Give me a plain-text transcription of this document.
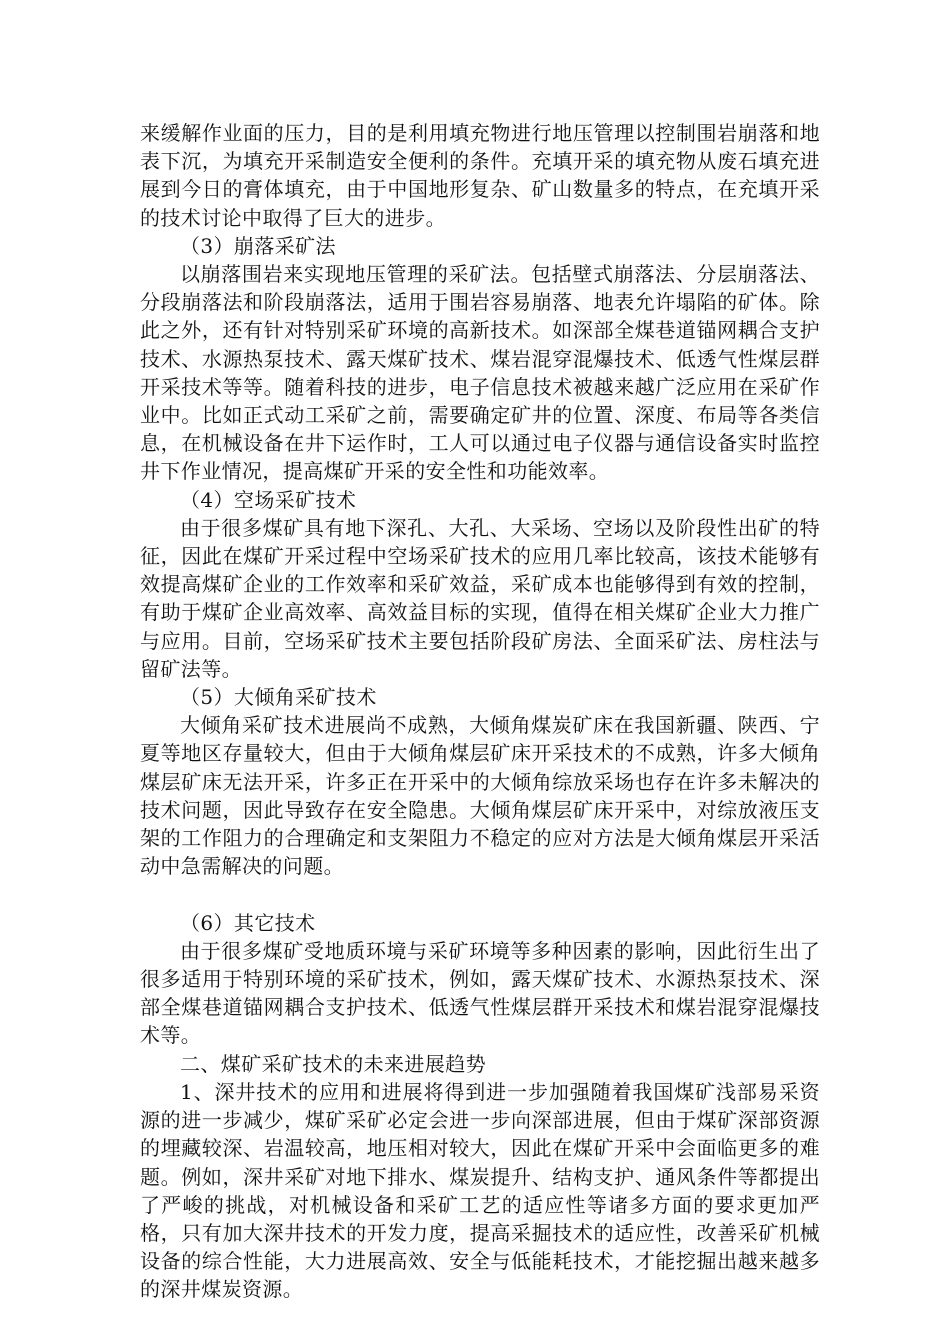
来缓解作业面的压力，目的是利用填充物进行地压管理以控制围岩崩落和地表下沉，为填充开采制造安全便利的条件。充填开采的填充物从废石填充进展到今日的膏体填充，由于中国地形复杂、矿山数量多的特点，在充填开采的技术讨论中取得了巨大的进步。

（3）崩落采矿法

以崩落围岩来实现地压管理的采矿法。包括壁式崩落法、分层崩落法、分段崩落法和阶段崩落法，适用于围岩容易崩落、地表允许塌陷的矿体。除此之外，还有针对特别采矿环境的高新技术。如深部全煤巷道锚网耦合支护技术、水源热泵技术、露天煤矿技术、煤岩混穿混爆技术、低透气性煤层群开采技术等等。随着科技的进步，电子信息技术被越来越广泛应用在采矿作业中。比如正式动工采矿之前，需要确定矿井的位置、深度、布局等各类信息，在机械设备在井下运作时，工人可以通过电子仪器与通信设备实时监控井下作业情况，提高煤矿开采的安全性和功能效率。

（4）空场采矿技术

由于很多煤矿具有地下深孔、大孔、大采场、空场以及阶段性出矿的特征，因此在煤矿开采过程中空场采矿技术的应用几率比较高，该技术能够有效提高煤矿企业的工作效率和采矿效益，采矿成本也能够得到有效的控制，有助于煤矿企业高效率、高效益目标的实现，值得在相关煤矿企业大力推广与应用。目前，空场采矿技术主要包括阶段矿房法、全面采矿法、房柱法与留矿法等。

（5）大倾角采矿技术

大倾角采矿技术进展尚不成熟，大倾角煤炭矿床在我国新疆、陕西、宁夏等地区存量较大，但由于大倾角煤层矿床开采技术的不成熟，许多大倾角煤层矿床无法开采，许多正在开采中的大倾角综放采场也存在许多未解决的技术问题，因此导致存在安全隐患。大倾角煤层矿床开采中，对综放液压支架的工作阻力的合理确定和支架阻力不稳定的应对方法是大倾角煤层开采活动中急需解决的问题。

（6）其它技术

由于很多煤矿受地质环境与采矿环境等多种因素的影响，因此衍生出了很多适用于特别环境的采矿技术，例如，露天煤矿技术、水源热泵技术、深部全煤巷道锚网耦合支护技术、低透气性煤层群开采技术和煤岩混穿混爆技术等。

二、煤矿采矿技术的未来进展趋势

1、深井技术的应用和进展将得到进一步加强随着我国煤矿浅部易采资源的进一步减少，煤矿采矿必定会进一步向深部进展，但由于煤矿深部资源的埋藏较深、岩温较高，地压相对较大，因此在煤矿开采中会面临更多的难题。例如，深井采矿对地下排水、煤炭提升、结构支护、通风条件等都提出了严峻的挑战，对机械设备和采矿工艺的适应性等诸多方面的要求更加严格，只有加大深井技术的开发力度，提高采掘技术的适应性，改善采矿机械设备的综合性能，大力进展高效、安全与低能耗技术，才能挖掘出越来越多的深井煤炭资源。
